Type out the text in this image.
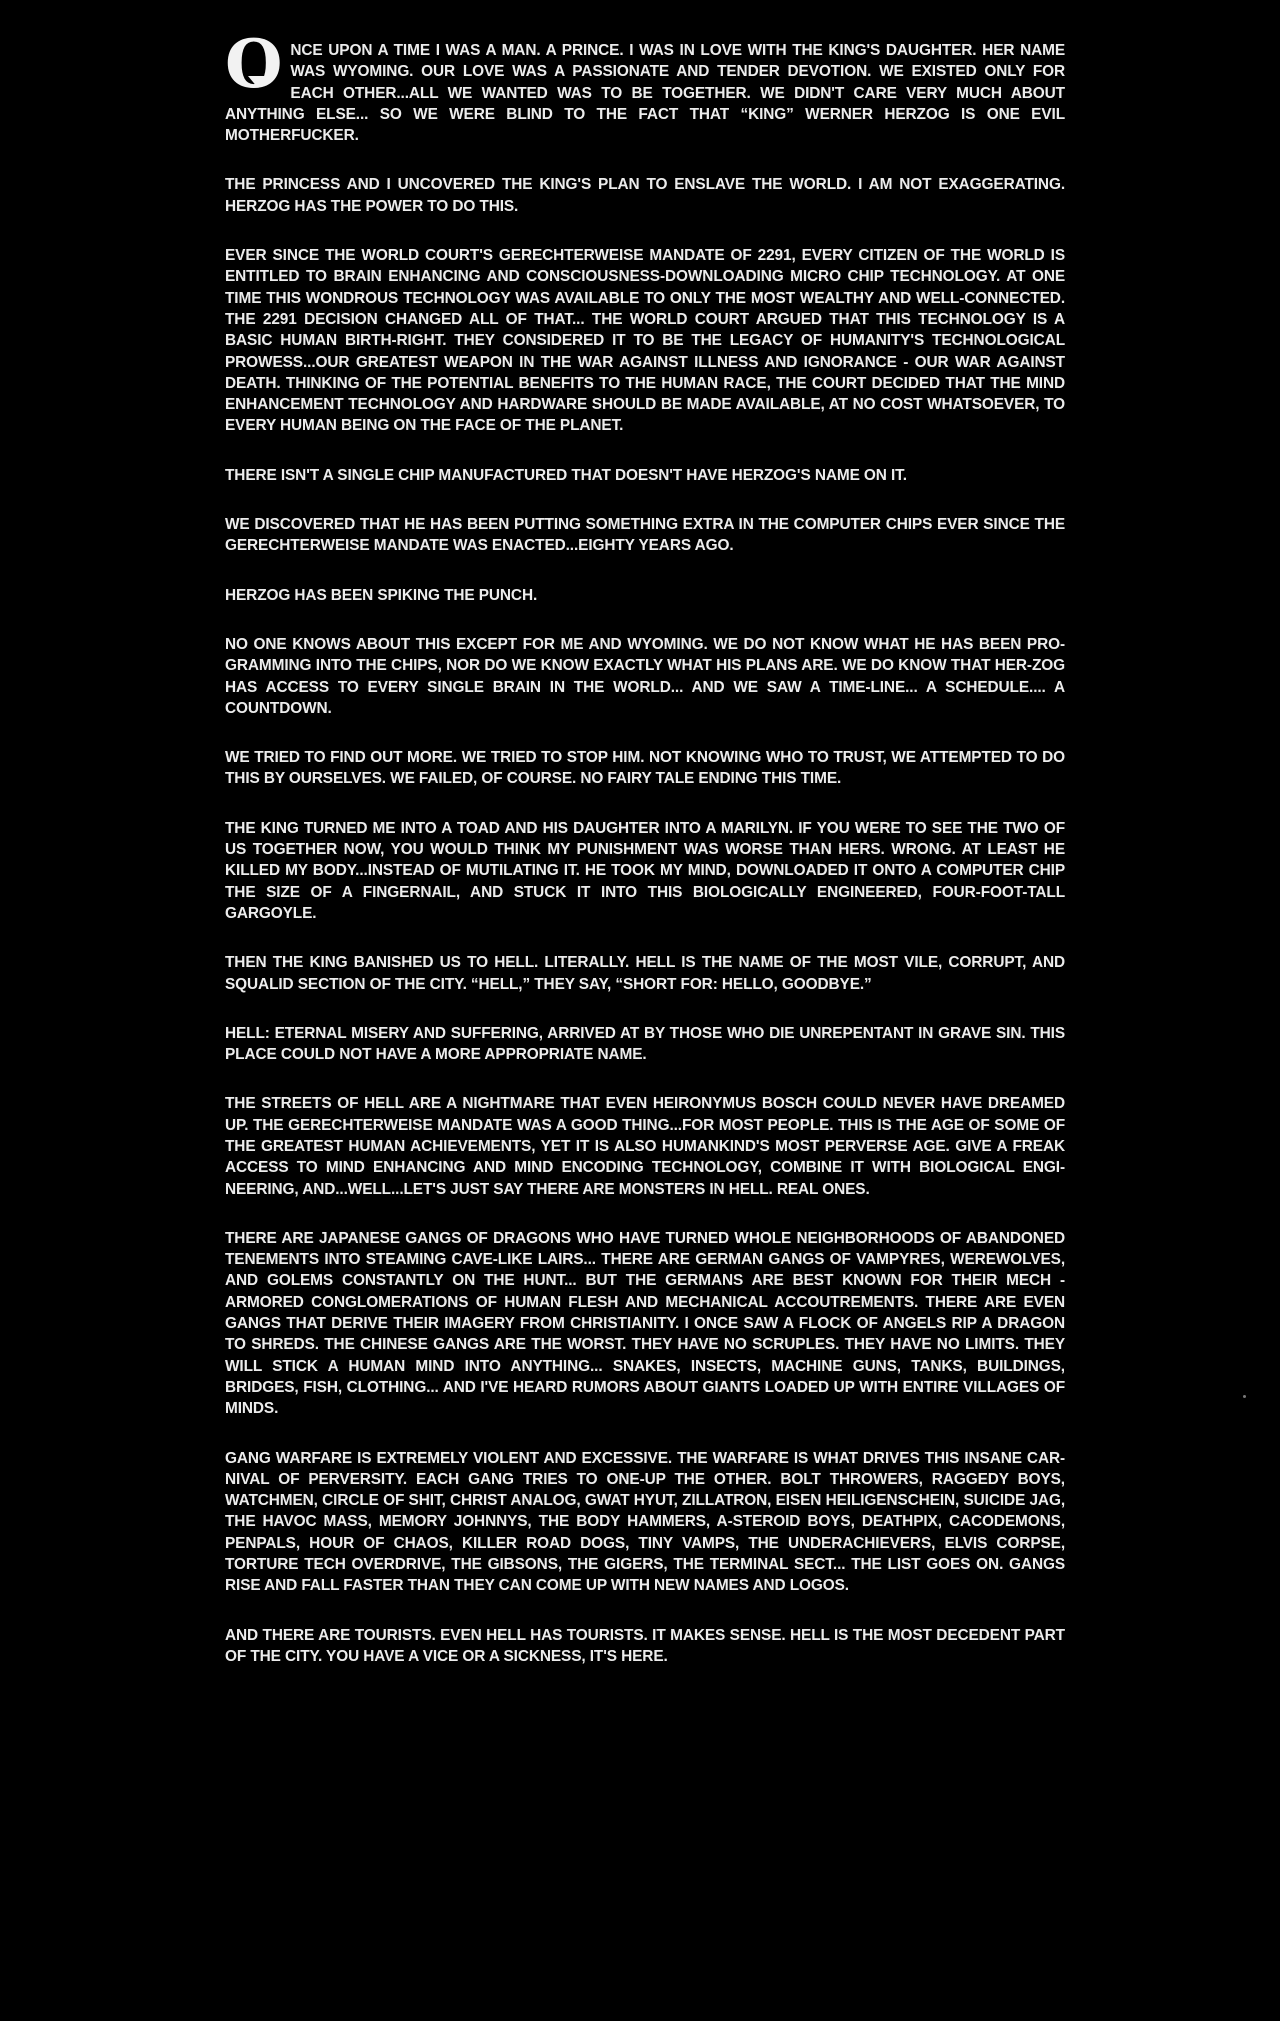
ONCE UPON A TIME I WAS A MAN. A PRINCE. I WAS IN LOVE WITH THE KING'S DAUGHTER. HER NAME WAS WYOMING. OUR LOVE WAS A PASSIONATE AND TENDER DEVOTION. WE EXISTED ONLY FOR EACH OTHER...ALL WE WANTED WAS TO BE TOGETHER. WE DIDN'T CARE VERY MUCH ABOUT ANYTHING ELSE... SO WE WERE BLIND TO THE FACT THAT “KING” WERNER HERZOG IS ONE EVIL MOTHERFUCKER.

THE PRINCESS AND I UNCOVERED THE KING'S PLAN TO ENSLAVE THE WORLD. I AM NOT EXAGGERATING. HERZOG HAS THE POWER TO DO THIS.

EVER SINCE THE WORLD COURT'S GERECHTERWEISE MANDATE OF 2291, EVERY CITIZEN OF THE WORLD IS ENTITLED TO BRAIN ENHANCING AND CONSCIOUSNESS-DOWNLOADING MICRO CHIP TECHNOLOGY. AT ONE TIME THIS WONDROUS TECHNOLOGY WAS AVAILABLE TO ONLY THE MOST WEALTHY AND WELL-CONNECTED. THE 2291 DECISION CHANGED ALL OF THAT... THE WORLD COURT ARGUED THAT THIS TECHNOLOGY IS A BASIC HUMAN BIRTH-RIGHT. THEY CONSIDERED IT TO BE THE LEGACY OF HUMANITY'S TECHNOLOGICAL PROWESS...OUR GREATEST WEAPON IN THE WAR AGAINST ILLNESS AND IGNORANCE - OUR WAR AGAINST DEATH. THINKING OF THE POTENTIAL BENEFITS TO THE HUMAN RACE, THE COURT DECIDED THAT THE MIND ENHANCEMENT TECHNOLOGY AND HARDWARE SHOULD BE MADE AVAILABLE, AT NO COST WHATSOEVER, TO EVERY HUMAN BEING ON THE FACE OF THE PLANET.

THERE ISN'T A SINGLE CHIP MANUFACTURED THAT DOESN'T HAVE HERZOG'S NAME ON IT.

WE DISCOVERED THAT HE HAS BEEN PUTTING SOMETHING EXTRA IN THE COMPUTER CHIPS EVER SINCE THE GERECHTERWEISE MANDATE WAS ENACTED...EIGHTY YEARS AGO.

HERZOG HAS BEEN SPIKING THE PUNCH.

NO ONE KNOWS ABOUT THIS EXCEPT FOR ME AND WYOMING. WE DO NOT KNOW WHAT HE HAS BEEN PRO-GRAMMING INTO THE CHIPS, NOR DO WE KNOW EXACTLY WHAT HIS PLANS ARE. WE DO KNOW THAT HER-ZOG HAS ACCESS TO EVERY SINGLE BRAIN IN THE WORLD... AND WE SAW A TIME-LINE... A SCHEDULE.... A COUNTDOWN.

WE TRIED TO FIND OUT MORE. WE TRIED TO STOP HIM. NOT KNOWING WHO TO TRUST, WE ATTEMPTED TO DO THIS BY OURSELVES. WE FAILED, OF COURSE. NO FAIRY TALE ENDING THIS TIME.

THE KING TURNED ME INTO A TOAD AND HIS DAUGHTER INTO A MARILYN. IF YOU WERE TO SEE THE TWO OF US TOGETHER NOW, YOU WOULD THINK MY PUNISHMENT WAS WORSE THAN HERS. WRONG. AT LEAST HE KILLED MY BODY...INSTEAD OF MUTILATING IT. HE TOOK MY MIND, DOWNLOADED IT ONTO A COMPUTER CHIP THE SIZE OF A FINGERNAIL, AND STUCK IT INTO THIS BIOLOGICALLY ENGINEERED, FOUR-FOOT-TALL GARGOYLE.

THEN THE KING BANISHED US TO HELL. LITERALLY. HELL IS THE NAME OF THE MOST VILE, CORRUPT, AND SQUALID SECTION OF THE CITY. “HELL,” THEY SAY, “SHORT FOR: HELLO, GOODBYE.”

HELL: ETERNAL MISERY AND SUFFERING, ARRIVED AT BY THOSE WHO DIE UNREPENTANT IN GRAVE SIN. THIS PLACE COULD NOT HAVE A MORE APPROPRIATE NAME.

THE STREETS OF HELL ARE A NIGHTMARE THAT EVEN HEIRONYMUS BOSCH COULD NEVER HAVE DREAMED UP. THE GERECHTERWEISE MANDATE WAS A GOOD THING...FOR MOST PEOPLE. THIS IS THE AGE OF SOME OF THE GREATEST HUMAN ACHIEVEMENTS, YET IT IS ALSO HUMANKIND'S MOST PERVERSE AGE. GIVE A FREAK ACCESS TO MIND ENHANCING AND MIND ENCODING TECHNOLOGY, COMBINE IT WITH BIOLOGICAL ENGI-NEERING, AND...WELL...LET'S JUST SAY THERE ARE MONSTERS IN HELL. REAL ONES.

THERE ARE JAPANESE GANGS OF DRAGONS WHO HAVE TURNED WHOLE NEIGHBORHOODS OF ABANDONED TENEMENTS INTO STEAMING CAVE-LIKE LAIRS... THERE ARE GERMAN GANGS OF VAMPYRES, WEREWOLVES, AND GOLEMS CONSTANTLY ON THE HUNT... BUT THE GERMANS ARE BEST KNOWN FOR THEIR MECH - ARMORED CONGLOMERATIONS OF HUMAN FLESH AND MECHANICAL ACCOUTREMENTS. THERE ARE EVEN GANGS THAT DERIVE THEIR IMAGERY FROM CHRISTIANITY. I ONCE SAW A FLOCK OF ANGELS RIP A DRAGON TO SHREDS. THE CHINESE GANGS ARE THE WORST. THEY HAVE NO SCRUPLES. THEY HAVE NO LIMITS. THEY WILL STICK A HUMAN MIND INTO ANYTHING... SNAKES, INSECTS, MACHINE GUNS, TANKS, BUILDINGS, BRIDGES, FISH, CLOTHING... AND I'VE HEARD RUMORS ABOUT GIANTS LOADED UP WITH ENTIRE VILLAGES OF MINDS.

GANG WARFARE IS EXTREMELY VIOLENT AND EXCESSIVE. THE WARFARE IS WHAT DRIVES THIS INSANE CAR-NIVAL OF PERVERSITY. EACH GANG TRIES TO ONE-UP THE OTHER. BOLT THROWERS, RAGGEDY BOYS, WATCHMEN, CIRCLE OF SHIT, CHRIST ANALOG, GWAT HYUT, ZILLATRON, EISEN HEILIGENSCHEIN, SUICIDE JAG, THE HAVOC MASS, MEMORY JOHNNYS, THE BODY HAMMERS, A-STEROID BOYS, DEATHPIX, CACODEMONS, PENPALS, HOUR OF CHAOS, KILLER ROAD DOGS, TINY VAMPS, THE UNDERACHIEVERS, ELVIS CORPSE, TORTURE TECH OVERDRIVE, THE GIBSONS, THE GIGERS, THE TERMINAL SECT... THE LIST GOES ON. GANGS RISE AND FALL FASTER THAN THEY CAN COME UP WITH NEW NAMES AND LOGOS.

AND THERE ARE TOURISTS. EVEN HELL HAS TOURISTS. IT MAKES SENSE. HELL IS THE MOST DECEDENT PART OF THE CITY. YOU HAVE A VICE OR A SICKNESS, IT'S HERE.
